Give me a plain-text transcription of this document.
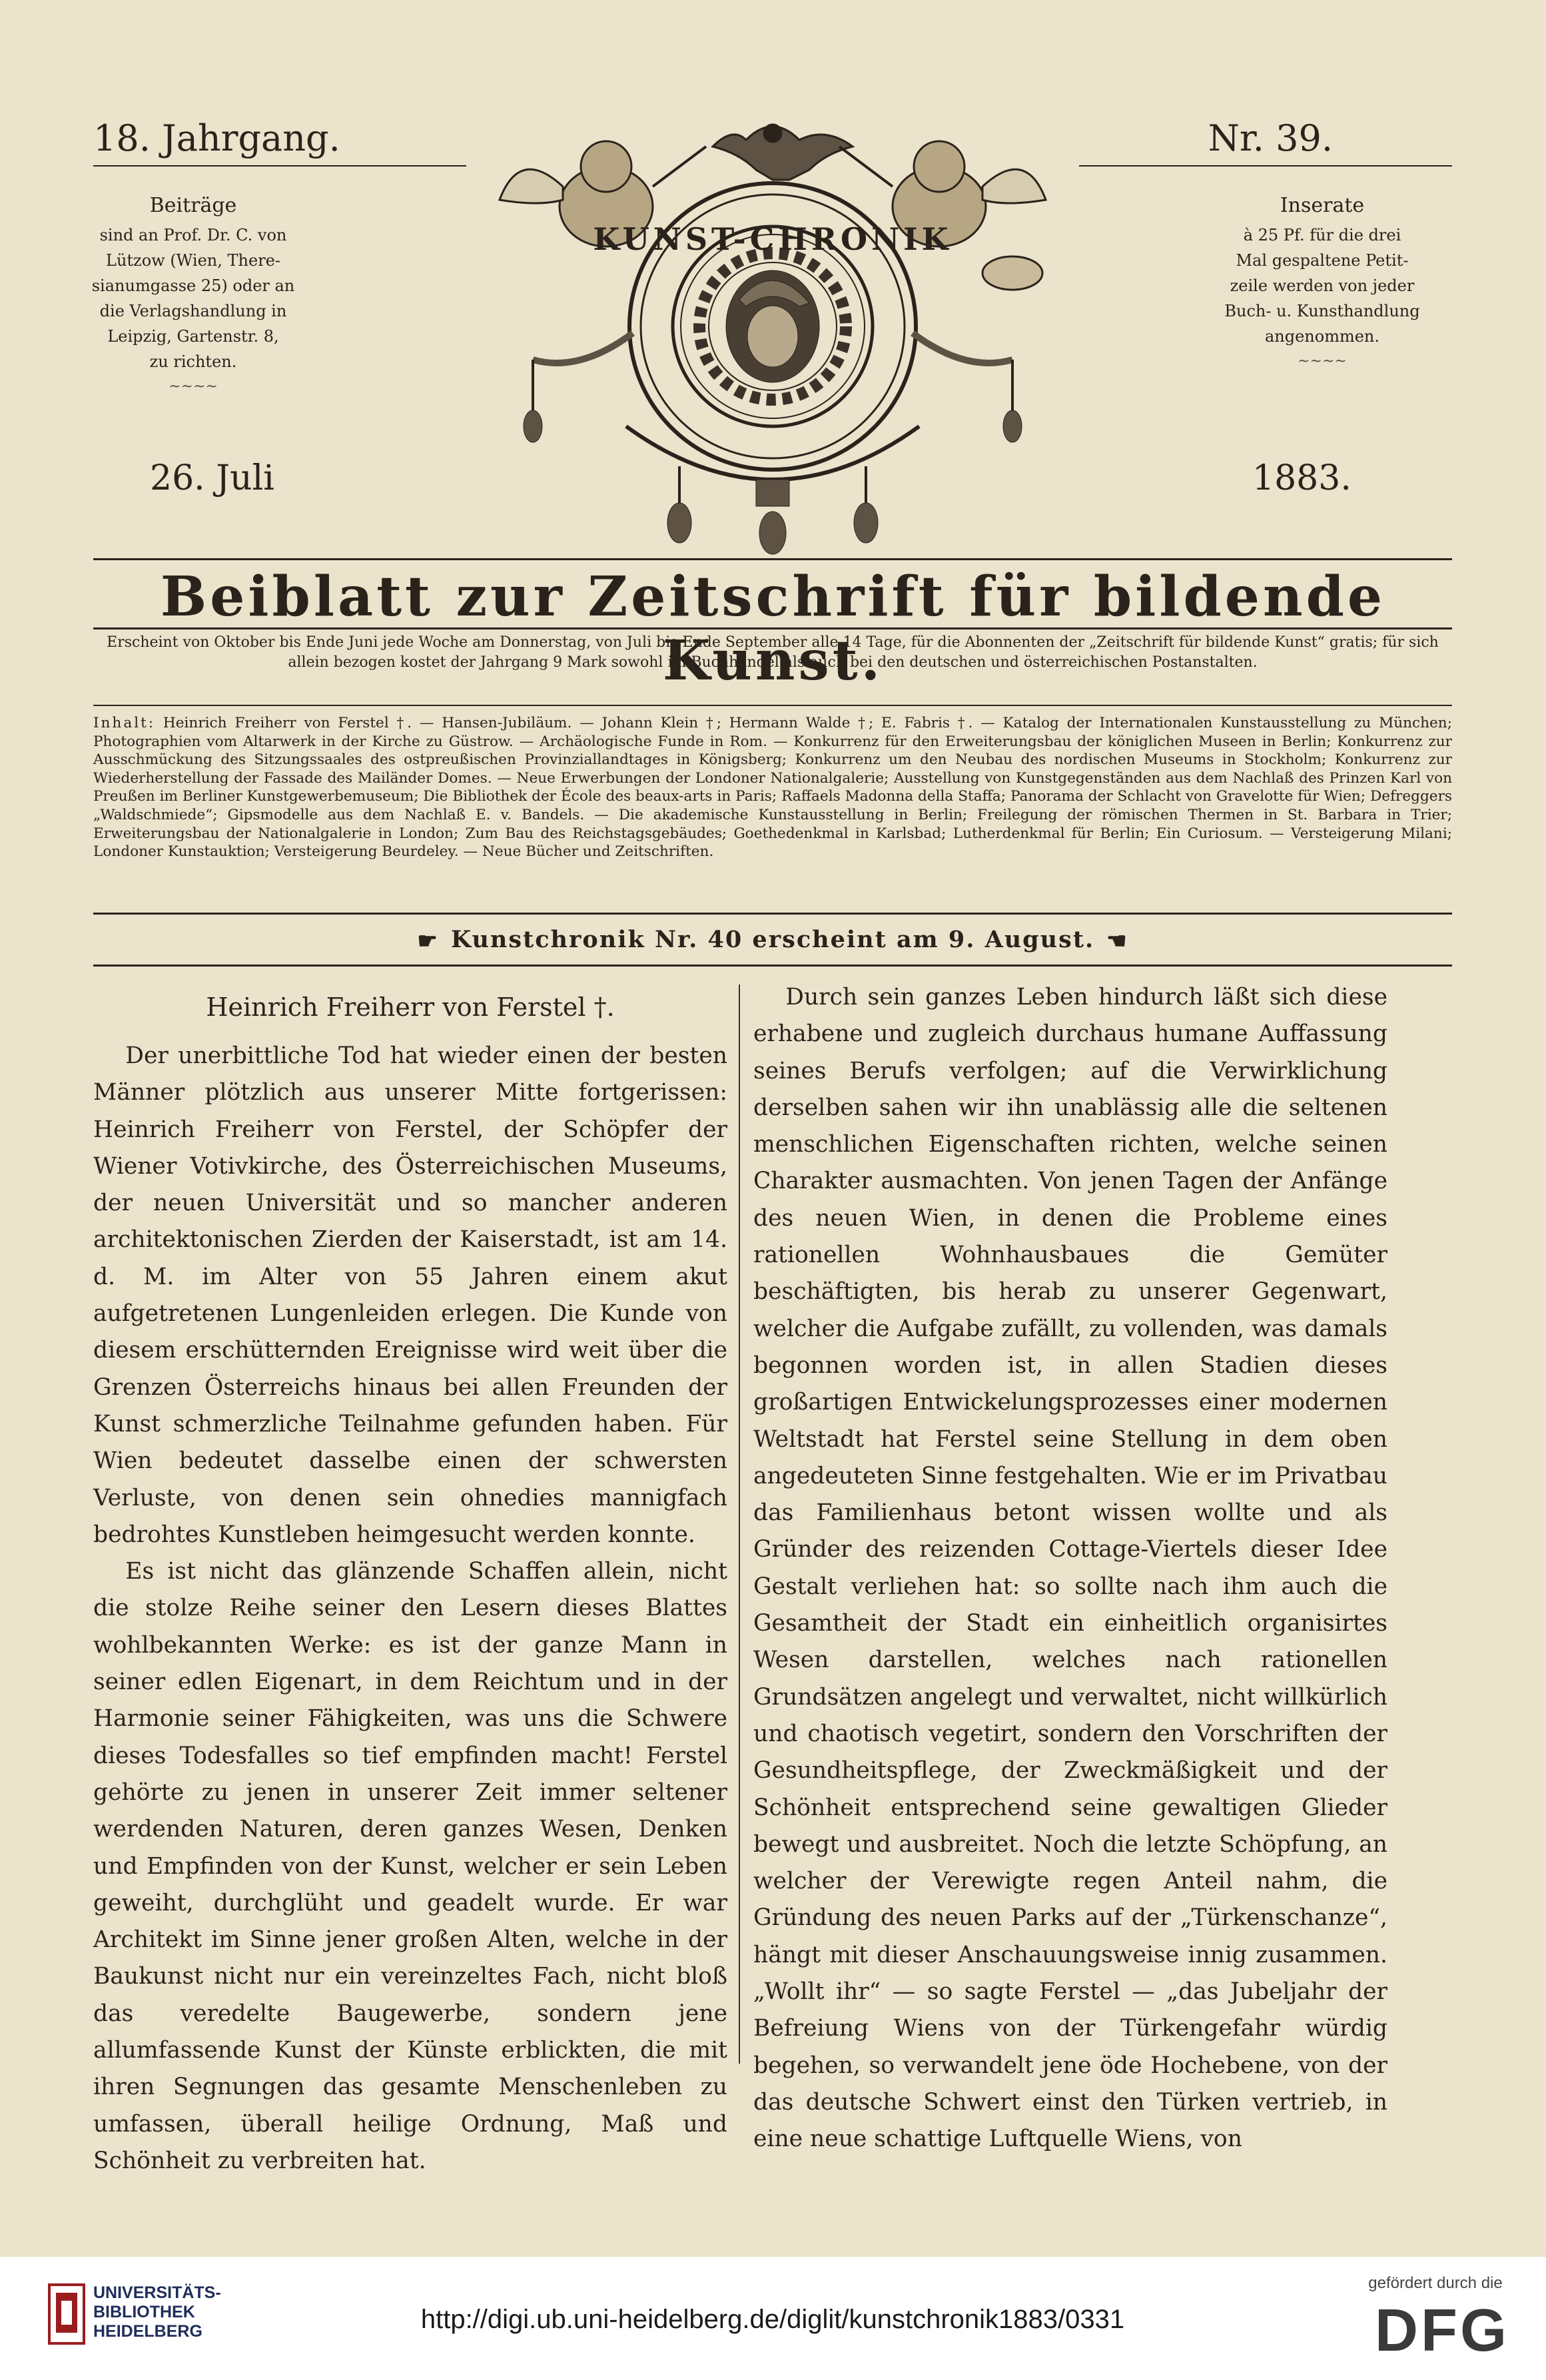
18. Jahrgang.	Nr. 39.
Beiträge
sind an Prof. Dr. C. von
Lützow (Wien, There-
sianumgasse 25) oder an
die Verlagshandlung in
Leipzig, Gartenstr. 8,
zu richten.
~~~~
Inserate
à 25 Pf. für die drei
Mal gespaltene Petit-
zeile werden von jeder
Buch- u. Kunsthandlung
angenommen.
~~~~
KUNST-CHRONIK
26. Juli	1883.
Beiblatt zur Zeitschrift für bildende Kunst.
Erscheint von Oktober bis Ende Juni jede Woche am Donnerstag, von Juli bis Ende September alle 14 Tage, für die Abonnenten der „Zeitschrift für bildende Kunst“ gratis; für sich allein bezogen kostet der Jahrgang 9 Mark sowohl im Buchhandel als auch bei den deutschen und österreichischen Postanstalten.
Inhalt: Heinrich Freiherr von Ferstel †. — Hansen-Jubiläum. — Johann Klein †; Hermann Walde †; E. Fabris †. — Katalog der Internationalen Kunstausstellung zu München; Photographien vom Altarwerk in der Kirche zu Güstrow. — Archäologische Funde in Rom. — Konkurrenz für den Erweiterungsbau der königlichen Museen in Berlin; Konkurrenz zur Ausschmückung des Sitzungssaales des ostpreußischen Provinziallandtages in Königsberg; Konkurrenz um den Neubau des nordischen Museums in Stockholm; Konkurrenz zur Wiederherstellung der Fassade des Mailänder Domes. — Neue Erwerbungen der Londoner Nationalgalerie; Ausstellung von Kunstgegenständen aus dem Nachlaß des Prinzen Karl von Preußen im Berliner Kunstgewerbemuseum; Die Bibliothek der École des beaux-arts in Paris; Raffaels Madonna della Staffa; Panorama der Schlacht von Gravelotte für Wien; Defreggers „Waldschmiede“; Gipsmodelle aus dem Nachlaß E. v. Bandels. — Die akademische Kunstausstellung in Berlin; Freilegung der römischen Thermen in St. Barbara in Trier; Erweiterungsbau der Nationalgalerie in London; Zum Bau des Reichstagsgebäudes; Goethedenkmal in Karlsbad; Lutherdenkmal für Berlin; Ein Curiosum. — Versteigerung Milani; Londoner Kunstauktion; Versteigerung Beurdeley. — Neue Bücher und Zeitschriften.
☛ Kunstchronik Nr. 40 erscheint am 9. August. ☚
Heinrich Freiherr von Ferstel †.

Der unerbittliche Tod hat wieder einen der besten Männer plötzlich aus unserer Mitte fortgerissen: Heinrich Freiherr von Ferstel, der Schöpfer der Wiener Votivkirche, des Österreichischen Museums, der neuen Universität und so mancher anderen architektonischen Zierden der Kaiserstadt, ist am 14. d. M. im Alter von 55 Jahren einem akut aufgetretenen Lungenleiden erlegen. Die Kunde von diesem erschütternden Ereignisse wird weit über die Grenzen Österreichs hinaus bei allen Freunden der Kunst schmerzliche Teilnahme gefunden haben. Für Wien bedeutet dasselbe einen der schwersten Verluste, von denen sein ohnedies mannigfach bedrohtes Kunstleben heimgesucht werden konnte.

Es ist nicht das glänzende Schaffen allein, nicht die stolze Reihe seiner den Lesern dieses Blattes wohlbekannten Werke: es ist der ganze Mann in seiner edlen Eigenart, in dem Reichtum und in der Harmonie seiner Fähigkeiten, was uns die Schwere dieses Todesfalles so tief empfinden macht! Ferstel gehörte zu jenen in unserer Zeit immer seltener werdenden Naturen, deren ganzes Wesen, Denken und Empfinden von der Kunst, welcher er sein Leben geweiht, durchglüht und geadelt wurde. Er war Architekt im Sinne jener großen Alten, welche in der Baukunst nicht nur ein vereinzeltes Fach, nicht bloß das veredelte Baugewerbe, sondern jene allumfassende Kunst der Künste erblickten, die mit ihren Segnungen das gesamte Menschenleben zu umfassen, überall heilige Ordnung, Maß und Schönheit zu verbreiten hat.

Durch sein ganzes Leben hindurch läßt sich diese erhabene und zugleich durchaus humane Auffassung seines Berufs verfolgen; auf die Verwirklichung derselben sahen wir ihn unablässig alle die seltenen menschlichen Eigenschaften richten, welche seinen Charakter ausmachten. Von jenen Tagen der Anfänge des neuen Wien, in denen die Probleme eines rationellen Wohnhausbaues die Gemüter beschäftigten, bis herab zu unserer Gegenwart, welcher die Aufgabe zufällt, zu vollenden, was damals begonnen worden ist, in allen Stadien dieses großartigen Entwickelungsprozesses einer modernen Weltstadt hat Ferstel seine Stellung in dem oben angedeuteten Sinne festgehalten. Wie er im Privatbau das Familienhaus betont wissen wollte und als Gründer des reizenden Cottage-Viertels dieser Idee Gestalt verliehen hat: so sollte nach ihm auch die Gesamtheit der Stadt ein einheitlich organisirtes Wesen darstellen, welches nach rationellen Grundsätzen angelegt und verwaltet, nicht willkürlich und chaotisch vegetirt, sondern den Vorschriften der Gesundheitspflege, der Zweckmäßigkeit und der Schönheit entsprechend seine gewaltigen Glieder bewegt und ausbreitet. Noch die letzte Schöpfung, an welcher der Verewigte regen Anteil nahm, die Gründung des neuen Parks auf der „Türkenschanze“, hängt mit dieser Anschauungsweise innig zusammen. „Wollt ihr“ — so sagte Ferstel — „das Jubeljahr der Befreiung Wiens von der Türkengefahr würdig begehen, so verwandelt jene öde Hochebene, von der das deutsche Schwert einst den Türken vertrieb, in eine neue schattige Luftquelle Wiens, von

UNIVERSITÄTS-
BIBLIOTHEK
HEIDELBERG	http://digi.ub.uni-heidelberg.de/diglit/kunstchronik1883/0331
gefördert durch die
DFG
